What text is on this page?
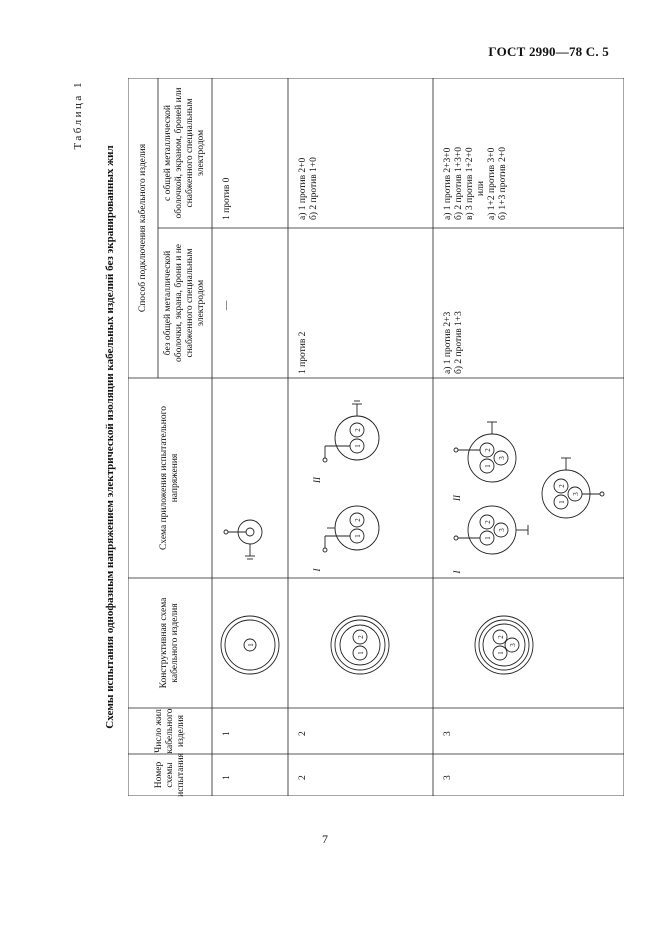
ГОСТ 2990—78 С. 5
Таблица 1
Схемы испытания однофазным напряжением электрической изоляции кабельных изделий без экранированных жил
Номер схемы испытания
Число жил кабельного изделия
Конструктивная схема кабельного изделия
Схема приложения испытательного напряжения
Способ подключения кабельного изделия	без общей металлической оболочки, экрана, брони и не снабженного специальным электродом
с общей металлической оболочкой, экраном, броней или снабженного специальным электродом
1
1
—
1 против 0
2
2
1 против 2
а) 1 против 2+0 б) 2 против 1+0
3
3
а) 1 против 2+3 б) 2 против 1+3
а) 1 против 2+3+0 б) 2 против 1+3+0 в) 3 против 1+2+0 или а) 1+2 против 3+0 б) 1+3 против 2+0
1
1
2
1
2
3
I
II
I
II
1
2
1
2
1
2
3
1
2
3
1
2
3
7
